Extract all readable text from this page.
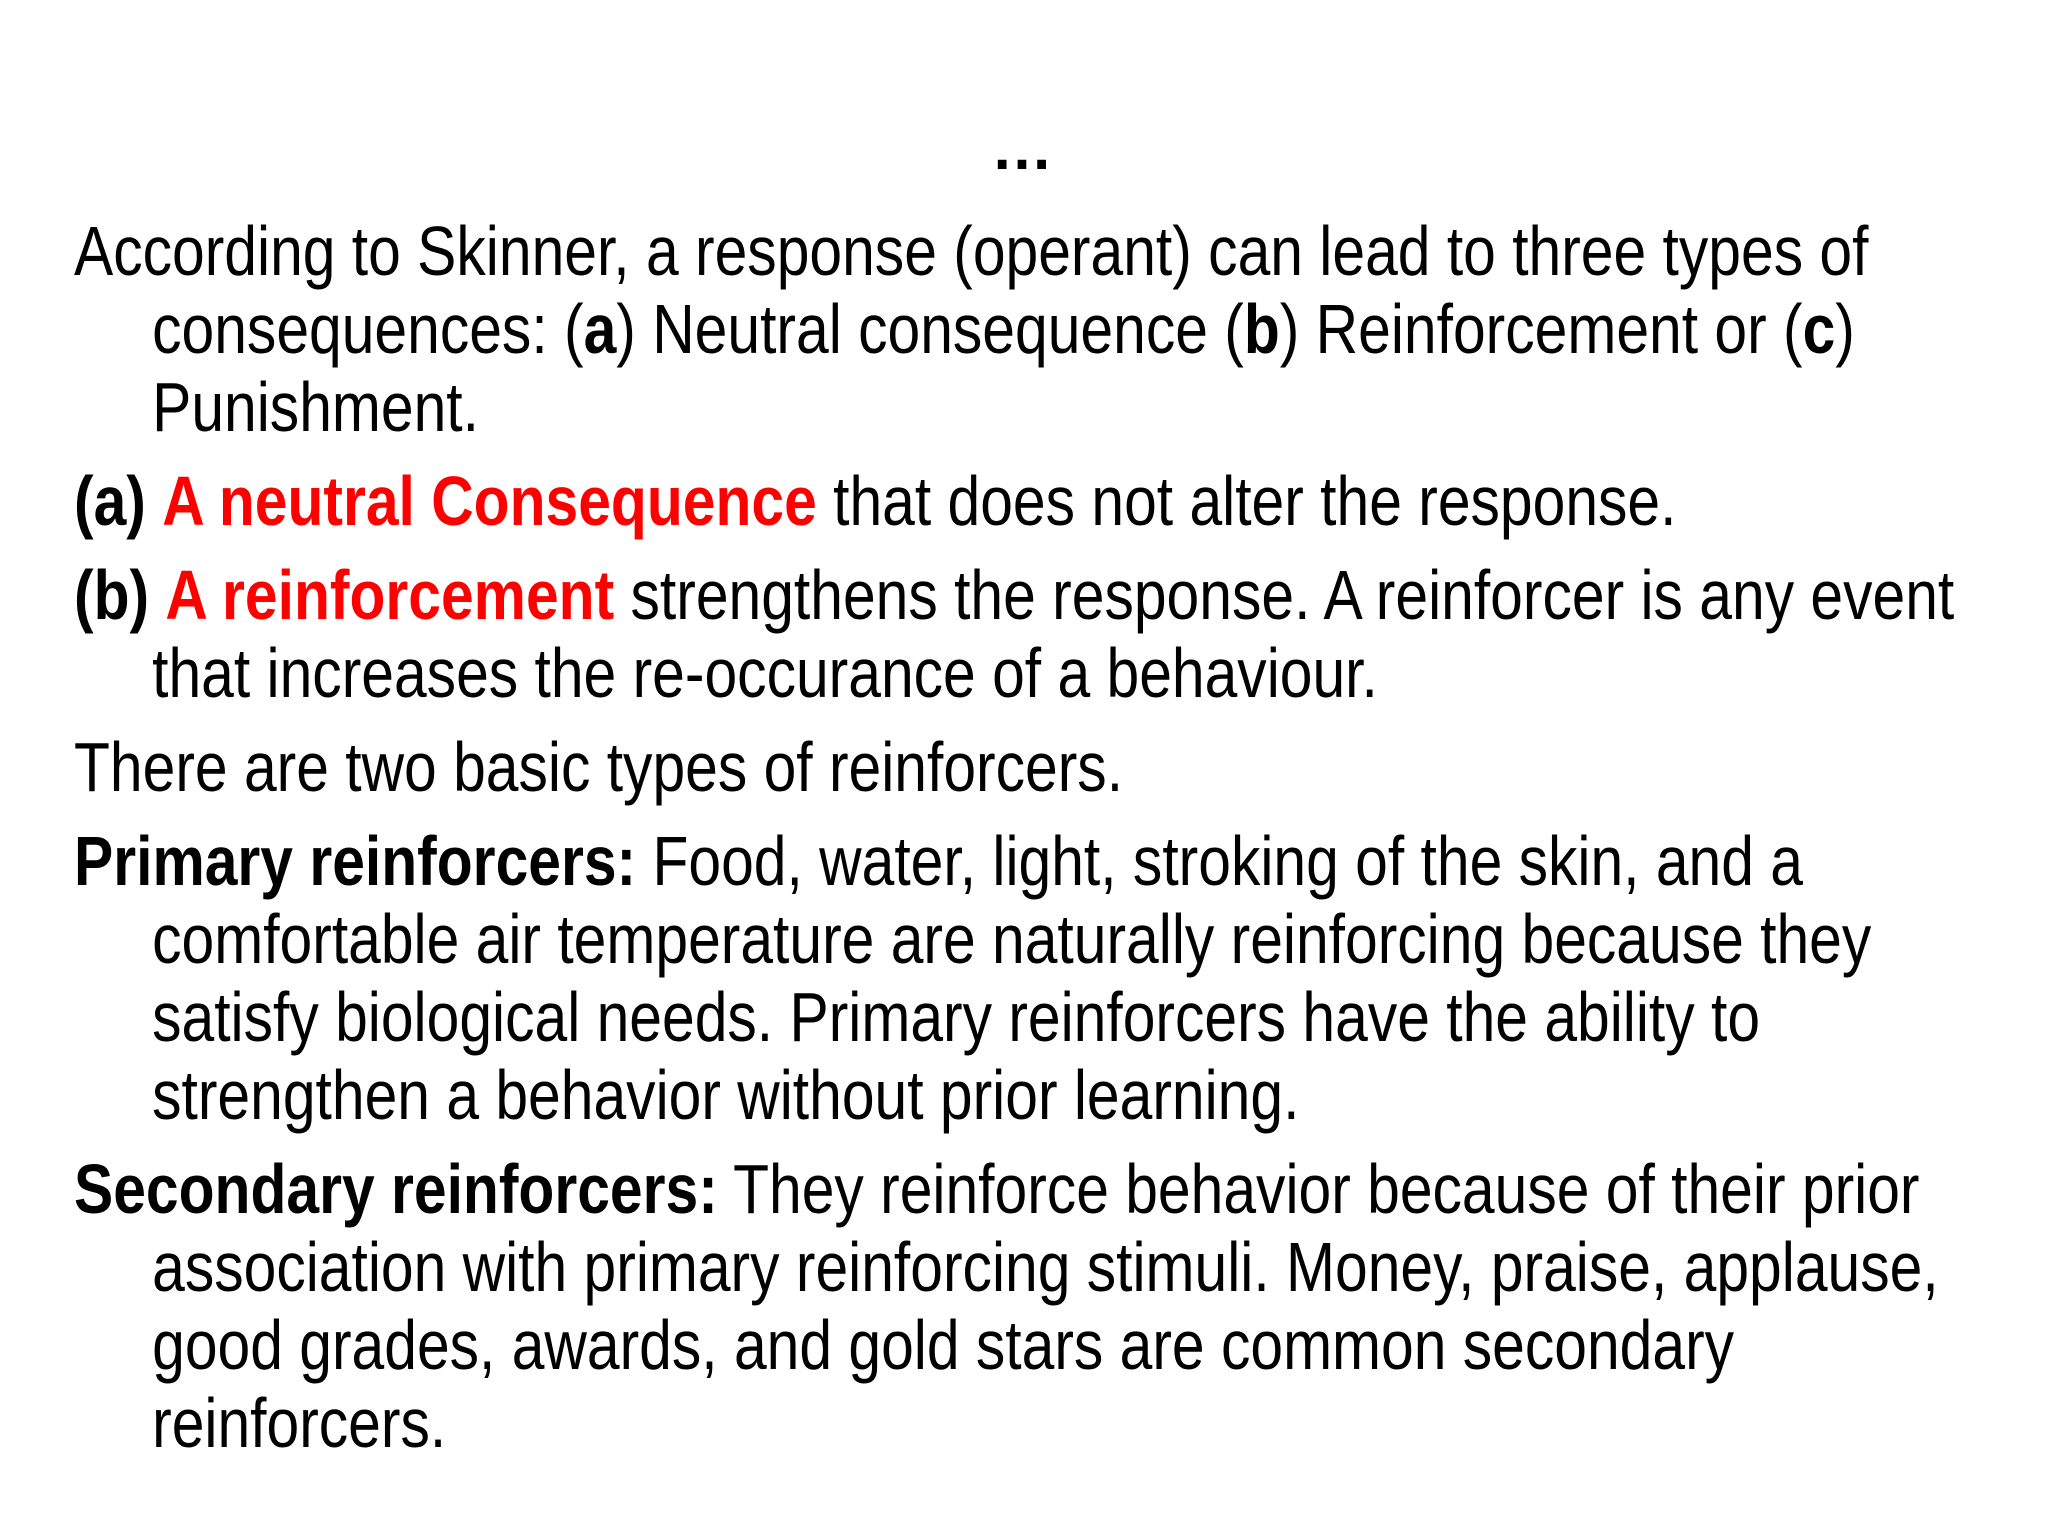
…

According to Skinner, a response (operant) can lead to three types of consequences: (a) Neutral consequence (b) Reinforcement or (c) Punishment.

(a) A neutral Consequence that does not alter the response.

(b) A reinforcement strengthens the response. A reinforcer is any event that increases the re-occurance of a behaviour.

There are two basic types of reinforcers.

Primary reinforcers: Food, water, light, stroking of the skin, and a comfortable air temperature are naturally reinforcing because they satisfy biological needs. Primary reinforcers have the ability to strengthen a behavior without prior learning.

Secondary reinforcers: They reinforce behavior because of their prior association with primary reinforcing stimuli. Money, praise, applause, good grades, awards, and gold stars are common secondary reinforcers.
